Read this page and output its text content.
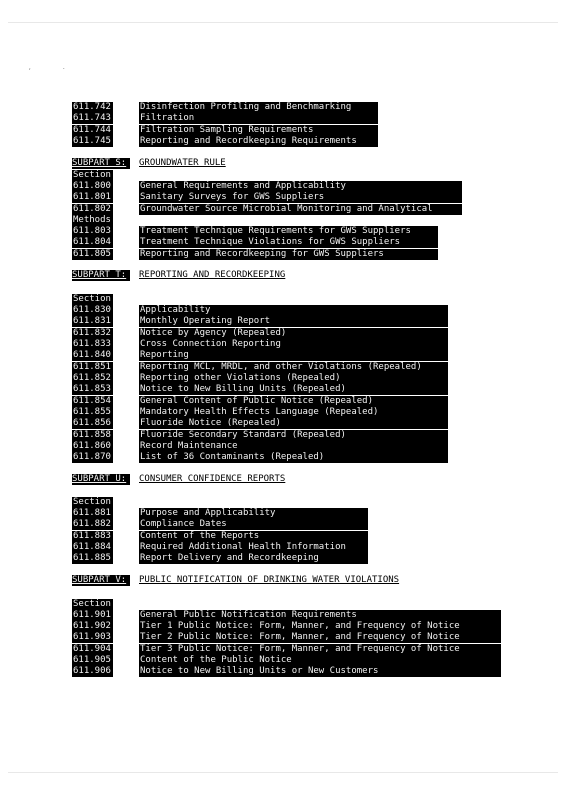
,	.
611.742	Disinfection Profiling and Benchmarking
611.743	Filtration
611.744	Filtration Sampling Requirements
611.745	Reporting and Recordkeeping Requirements
SUBPART S:	GROUNDWATER RULE
Section
611.800	General Requirements and Applicability
611.801	Sanitary Surveys for GWS Suppliers
611.802	Groundwater Source Microbial Monitoring and Analytical
Methods
611.803	Treatment Technique Requirements for GWS Suppliers
611.804	Treatment Technique Violations for GWS Suppliers
611.805	Reporting and Recordkeeping for GWS Suppliers
SUBPART T:	REPORTING AND RECORDKEEPING
Section
611.830	Applicability
611.831	Monthly Operating Report
611.832	Notice by Agency (Repealed)
611.833	Cross Connection Reporting
611.840	Reporting
611.851	Reporting MCL, MRDL, and other Violations (Repealed)
611.852	Reporting other Violations (Repealed)
611.853	Notice to New Billing Units (Repealed)
611.854	General Content of Public Notice (Repealed)
611.855	Mandatory Health Effects Language (Repealed)
611.856	Fluoride Notice (Repealed)
611.858	Fluoride Secondary Standard (Repealed)
611.860	Record Maintenance
611.870	List of 36 Contaminants (Repealed)
SUBPART U:	CONSUMER CONFIDENCE REPORTS
Section
611.881	Purpose and Applicability
611.882	Compliance Dates
611.883	Content of the Reports
611.884	Required Additional Health Information
611.885	Report Delivery and Recordkeeping
SUBPART V:	PUBLIC NOTIFICATION OF DRINKING WATER VIOLATIONS
Section
611.901	General Public Notification Requirements
611.902	Tier 1 Public Notice: Form, Manner, and Frequency of Notice
611.903	Tier 2 Public Notice: Form, Manner, and Frequency of Notice
611.904	Tier 3 Public Notice: Form, Manner, and Frequency of Notice
611.905	Content of the Public Notice
611.906	Notice to New Billing Units or New Customers
